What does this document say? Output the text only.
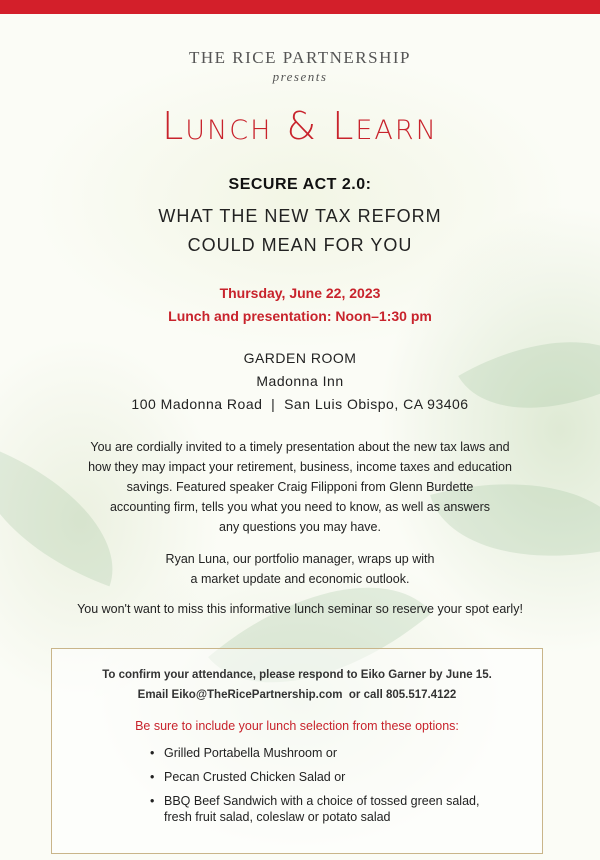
THE RICE PARTNERSHIP
presents
Lunch & Learn
SECURE ACT 2.0:
WHAT THE NEW TAX REFORM
COULD MEAN FOR YOU
Thursday, June 22, 2023
Lunch and presentation: Noon–1:30 pm
GARDEN ROOM
Madonna Inn
100 Madonna Road  |  San Luis Obispo, CA 93406
You are cordially invited to a timely presentation about the new tax laws and
how they may impact your retirement, business, income taxes and education
savings. Featured speaker Craig Filipponi from Glenn Burdette
accounting firm, tells you what you need to know, as well as answers
any questions you may have.
Ryan Luna, our portfolio manager, wraps up with
a market update and economic outlook.
You won't want to miss this informative lunch seminar so reserve your spot early!
To confirm your attendance, please respond to Eiko Garner by June 15.
Email Eiko@TheRicePartnership.com  or call 805.517.4122
Be sure to include your lunch selection from these options:
• Grilled Portabella Mushroom or
• Pecan Crusted Chicken Salad or
• BBQ Beef Sandwich with a choice of tossed green salad, fresh fruit salad, coleslaw or potato salad
